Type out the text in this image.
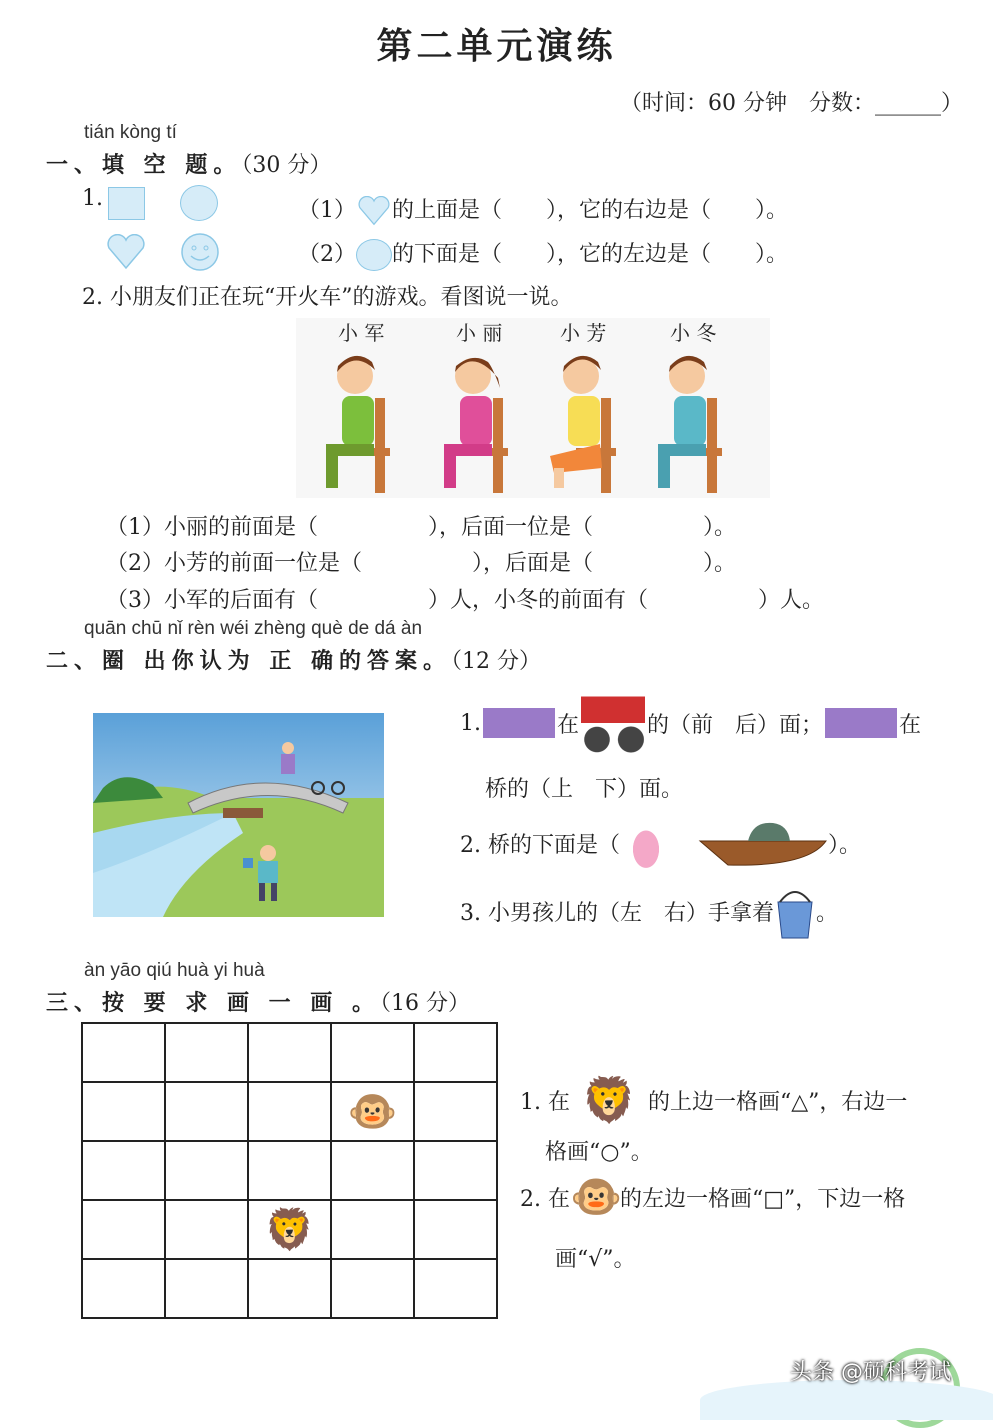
第二单元演练
（时间：60 分钟　分数：______）
tián kòng tí
一、填 空 题。（30 分）
1.	（1） 的上面是（　　），它的右边是（　　）。
（2） 的下面是（　　），它的左边是（　　）。
2. 小朋友们正在玩“开火车”的游戏。看图说一说。
小 军	小 丽	小 芳	小 冬
（1）小丽的前面是（　　　　　），后面一位是（　　　　　）。
（2）小芳的前面一位是（　　　　　），后面是（　　　　　）。
（3）小军的后面有（　　　　　）人，小冬的前面有（　　　　　）人。
quān chū nǐ rèn wéi zhèng què de dá àn
二、圈 出你认为 正 确的答案。（12 分）
1.	在	的（前　后）面；	在
桥的（上　下）面。
2. 桥的下面是（	）。
3. 小男孩儿的（左　右）手拿着 。
àn yāo qiú huà yi huà
三、按 要 求 画 一 画 。（16 分）

			🐵	

		🦁		

1. 在 🦁 的上边一格画“△”，右边一
格画“○”。
2. 在 🐵
的左边一格画“□”，下边一格
画“√”。
头条 @硕科考试
